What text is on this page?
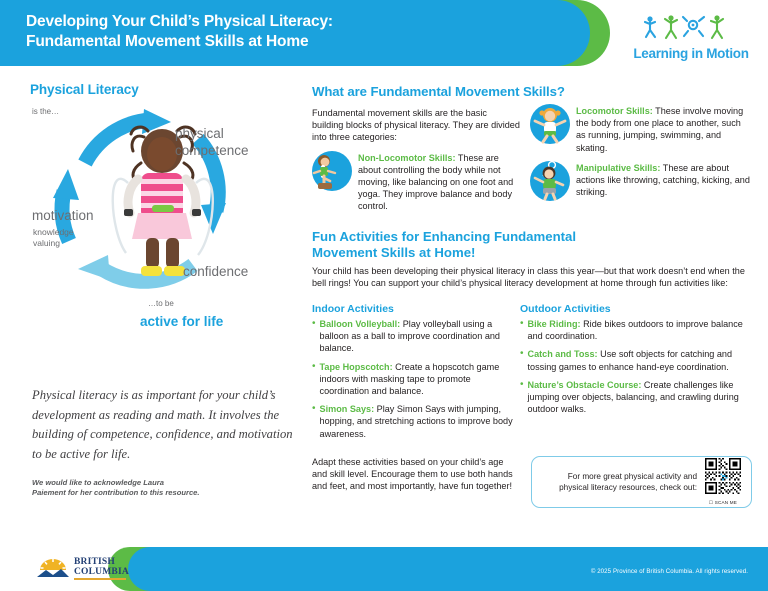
Developing Your Child’s Physical Literacy:
Fundamental Movement Skills at Home
Learning in Motion
Physical Literacy
is the…
physical
competence
motivation
knowledge
valuing
confidence
…to be
active for life
Physical literacy is as important for your child’s development as reading and math. It involves the building of competence, confidence, and motivation to be active for life.
We would like to acknowledge Laura
Paiement for her contribution to this resource.
What are Fundamental Movement Skills?
Fundamental movement skills are the basic building blocks of physical literacy. They are divided into three categories:
Non-Locomotor Skills: These are about controlling the body while not moving, like balancing on one foot and yoga. They improve balance and body control.
Locomotor Skills: These involve moving the body from one place to another, such as running, jumping, swimming, and skating.
Manipulative Skills: These are about actions like throwing, catching, kicking, and striking.
Fun Activities for Enhancing Fundamental
Movement Skills at Home!
Your child has been developing their physical literacy in class this year—but that work doesn’t end when the bell rings! You can support your child’s physical literacy development at home through fun activities like:
Indoor Activities
• Balloon Volleyball: Play volleyball using a balloon as a ball to improve coordination and balance.
• Tape Hopscotch: Create a hopscotch game indoors with masking tape to promote coordination and balance.
• Simon Says: Play Simon Says with jumping, hopping, and stretching actions to improve body awareness.
Outdoor Activities
• Bike Riding: Ride bikes outdoors to improve balance and coordination.
• Catch and Toss: Use soft objects for catching and tossing games to enhance hand-eye coordination.
• Nature’s Obstacle Course: Create challenges like jumping over objects, balancing, and crawling during outdoor walks.
Adapt these activities based on your child’s age and skill level. Encourage them to use both hands and feet, and most importantly, have fun together!
For more great physical activity and
physical literacy resources, check out:
☐ SCAN ME
BRITISH
COLUMBIA	© 2025 Province of British Columbia. All rights reserved.
